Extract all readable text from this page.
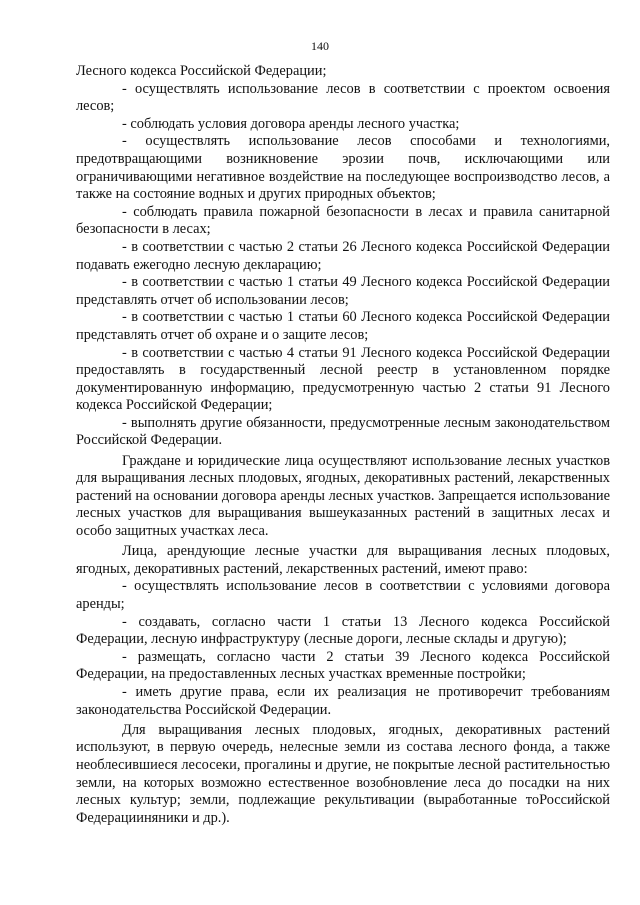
140

Лесного кодекса Российской Федерации;

- осуществлять использование лесов в соответствии с проектом освоения лесов;

- соблюдать условия договора аренды лесного участка;

- осуществлять использование лесов способами и технологиями, предотвращающими возникновение эрозии почв, исключающими или ограничивающими негативное воздействие на последующее воспроизводство лесов, а также на состояние водных и других природных объектов;

- соблюдать правила пожарной безопасности в лесах и правила санитарной безопасности в лесах;

- в соответствии с частью 2 статьи 26 Лесного кодекса Российской Федерации подавать ежегодно лесную декларацию;

- в соответствии с частью 1 статьи 49 Лесного кодекса Российской Федерации представлять отчет об использовании лесов;

- в соответствии с частью 1 статьи 60 Лесного кодекса Российской Федерации представлять отчет об охране и о защите лесов;

- в соответствии с частью 4 статьи 91 Лесного кодекса Российской Федерации предоставлять в государственный лесной реестр в установленном порядке документированную информацию, предусмотренную частью 2 статьи 91 Лесного кодекса Российской Федерации;

- выполнять другие обязанности, предусмотренные лесным законодательством Российской Федерации.

Граждане и юридические лица осуществляют использование лесных участков для выращивания лесных плодовых, ягодных, декоративных растений, лекарственных растений на основании договора аренды лесных участков. Запрещается использование лесных участков для выращивания вышеуказанных растений в защитных лесах и особо защитных участках леса.

Лица, арендующие лесные участки для выращивания лесных плодовых, ягодных, декоративных растений, лекарственных растений, имеют право:

- осуществлять использование лесов в соответствии с условиями договора аренды;

- создавать, согласно части 1 статьи 13 Лесного кодекса Российской Федерации, лесную инфраструктуру (лесные дороги, лесные склады и другую);

- размещать, согласно части 2 статьи 39 Лесного кодекса Российской Федерации, на предоставленных лесных участках временные постройки;

- иметь другие права, если их реализация не противоречит требованиям законодательства Российской Федерации.

Для выращивания лесных плодовых, ягодных, декоративных растений используют, в первую очередь, нелесные земли из состава лесного фонда, а также необлесившиеся лесосеки, прогалины и другие, не покрытые лесной растительностью земли, на которых возможно естественное возобновление леса до посадки на них лесных культур; земли, подлежащие рекультивации (выработанные тоРоссийской Федерацииняники и др.).
